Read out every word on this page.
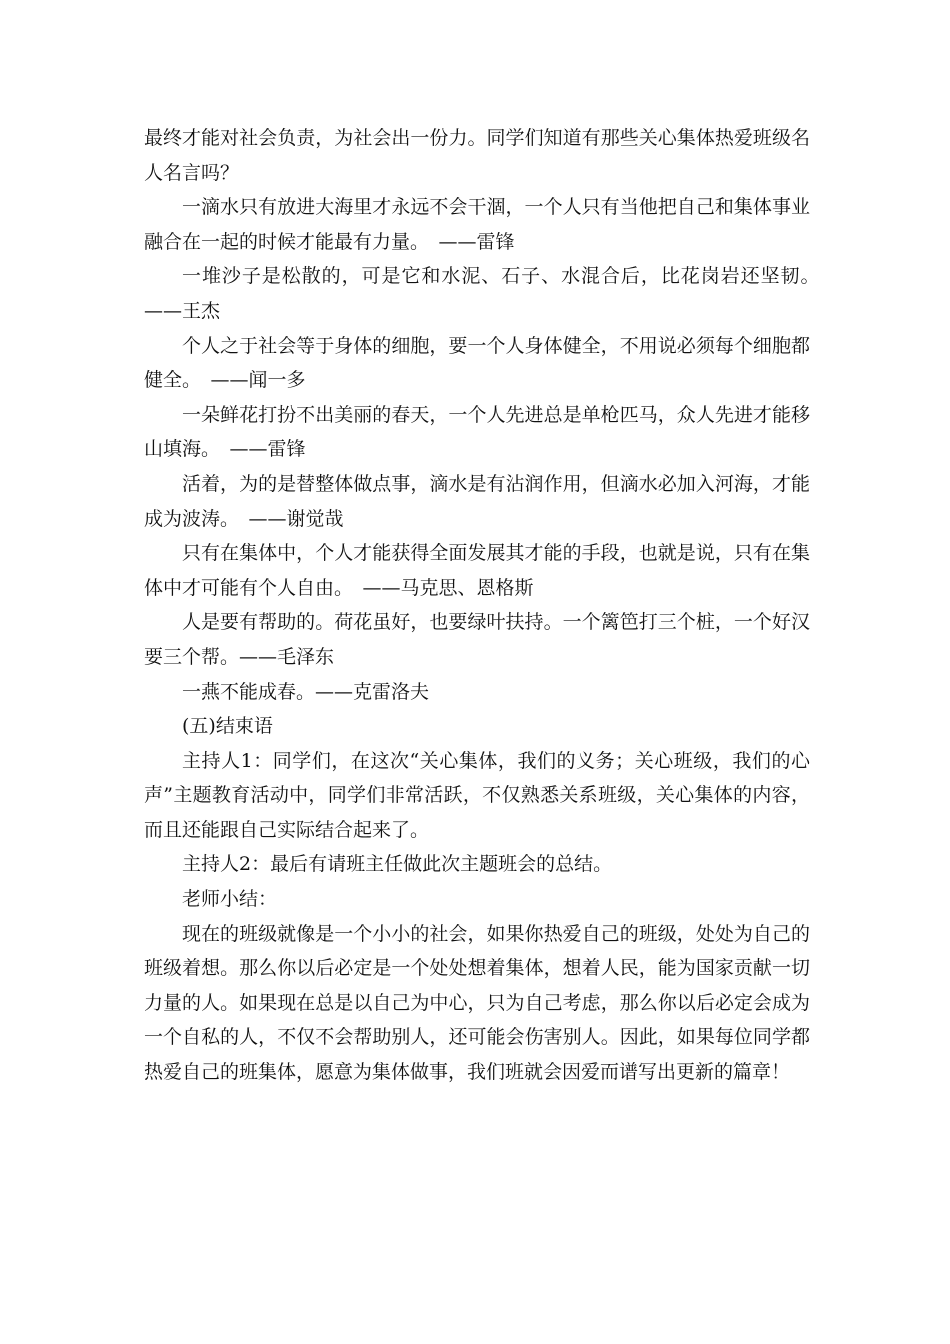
最终才能对社会负责，为社会出一份力。同学们知道有那些关心集体热爱班级名人名言吗？

一滴水只有放进大海里才永远不会干涸，一个人只有当他把自己和集体事业融合在一起的时候才能最有力量。　——雷锋

一堆沙子是松散的，可是它和水泥、石子、水混合后，比花岗岩还坚韧。　——王杰

个人之于社会等于身体的细胞，要一个人身体健全，不用说必须每个细胞都健全。　——闻一多

一朵鲜花打扮不出美丽的春天，一个人先进总是单枪匹马，众人先进才能移山填海。　——雷锋

活着，为的是替整体做点事，滴水是有沾润作用，但滴水必加入河海，才能成为波涛。　——谢觉哉

只有在集体中，个人才能获得全面发展其才能的手段，也就是说，只有在集体中才可能有个人自由。　——马克思、恩格斯

人是要有帮助的。荷花虽好，也要绿叶扶持。一个篱笆打三个桩，一个好汉要三个帮。——毛泽东

一燕不能成春。——克雷洛夫

(五)结束语

主持人1：同学们，在这次“关心集体，我们的义务；关心班级，我们的心声”主题教育活动中，同学们非常活跃，不仅熟悉关系班级，关心集体的内容，而且还能跟自己实际结合起来了。

主持人2：最后有请班主任做此次主题班会的总结。

老师小结：

现在的班级就像是一个小小的社会，如果你热爱自己的班级，处处为自己的班级着想。那么你以后必定是一个处处想着集体，想着人民，能为国家贡献一切力量的人。如果现在总是以自己为中心，只为自己考虑，那么你以后必定会成为一个自私的人，不仅不会帮助别人，还可能会伤害别人。因此，如果每位同学都热爱自己的班集体，愿意为集体做事，我们班就会因爱而谱写出更新的篇章！
